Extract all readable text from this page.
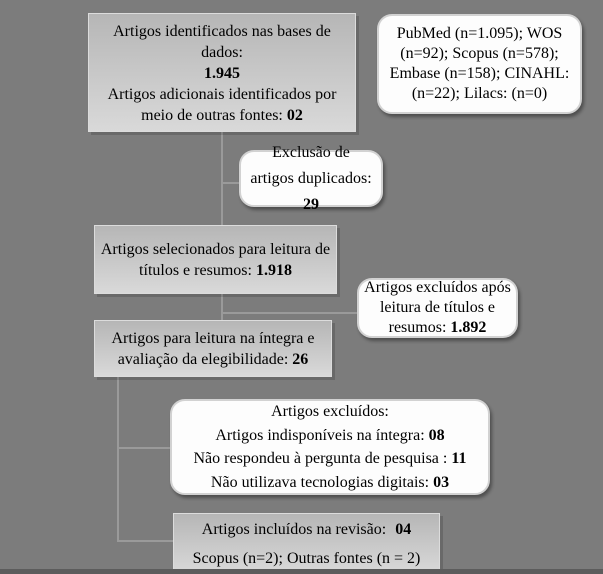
Artigos identificados nas bases de dados:
1.945
Artigos adicionais identificados por meio de outras fontes: 02
PubMed (n=1.095); WOS (n=92); Scopus (n=578); Embase (n=158); CINAHL: (n=22); Lilacs: (n=0)
Exclusão de artigos duplicados: 29
Artigos selecionados para leitura de títulos e resumos: 1.918
Artigos excluídos após leitura de títulos e resumos: 1.892
Artigos para leitura na íntegra e avaliação da elegibilidade: 26
Artigos excluídos:
Artigos indisponíveis na íntegra: 08
Não respondeu à pergunta de pesquisa : 11
Não utilizava tecnologias digitais: 03
Artigos incluídos na revisão: 04
Scopus (n=2); Outras fontes (n = 2)
